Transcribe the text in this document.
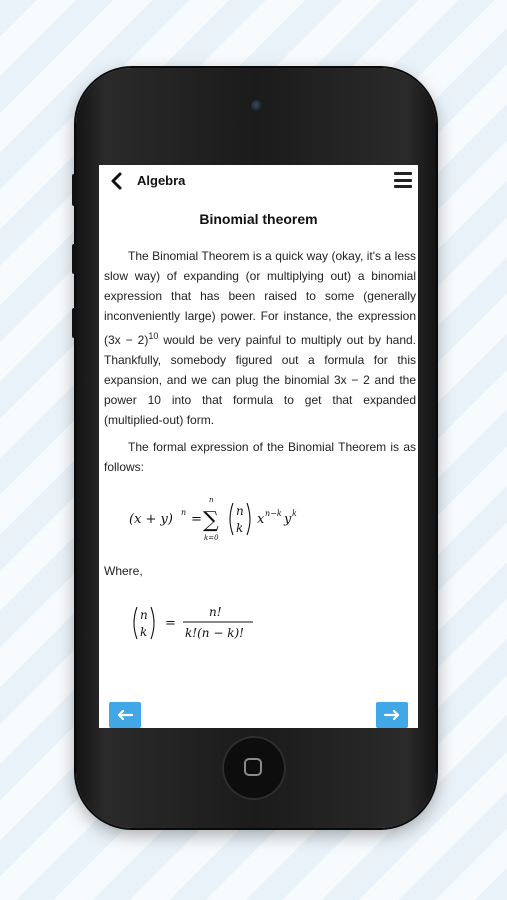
Algebra
Binomial theorem
The Binomial Theorem is a quick way (okay, it's a less slow way) of expanding (or multiplying out) a binomial expression that has been raised to some (generally inconveniently large) power. For instance, the expression $(3x - 2)^{10}$ would be very painful to multiply out by hand. Thankfully, somebody figured out a formula for this expansion, and we can plug the binomial 3x − 2 and the power 10 into that formula to get that expanded (multiplied-out) form.
The formal expression of the Binomial Theorem is as follows:
(x + y) n =
n
∑
k=0
n
k
x n−k y k
Where,
n
k
=
n!
k!(n − k)!
